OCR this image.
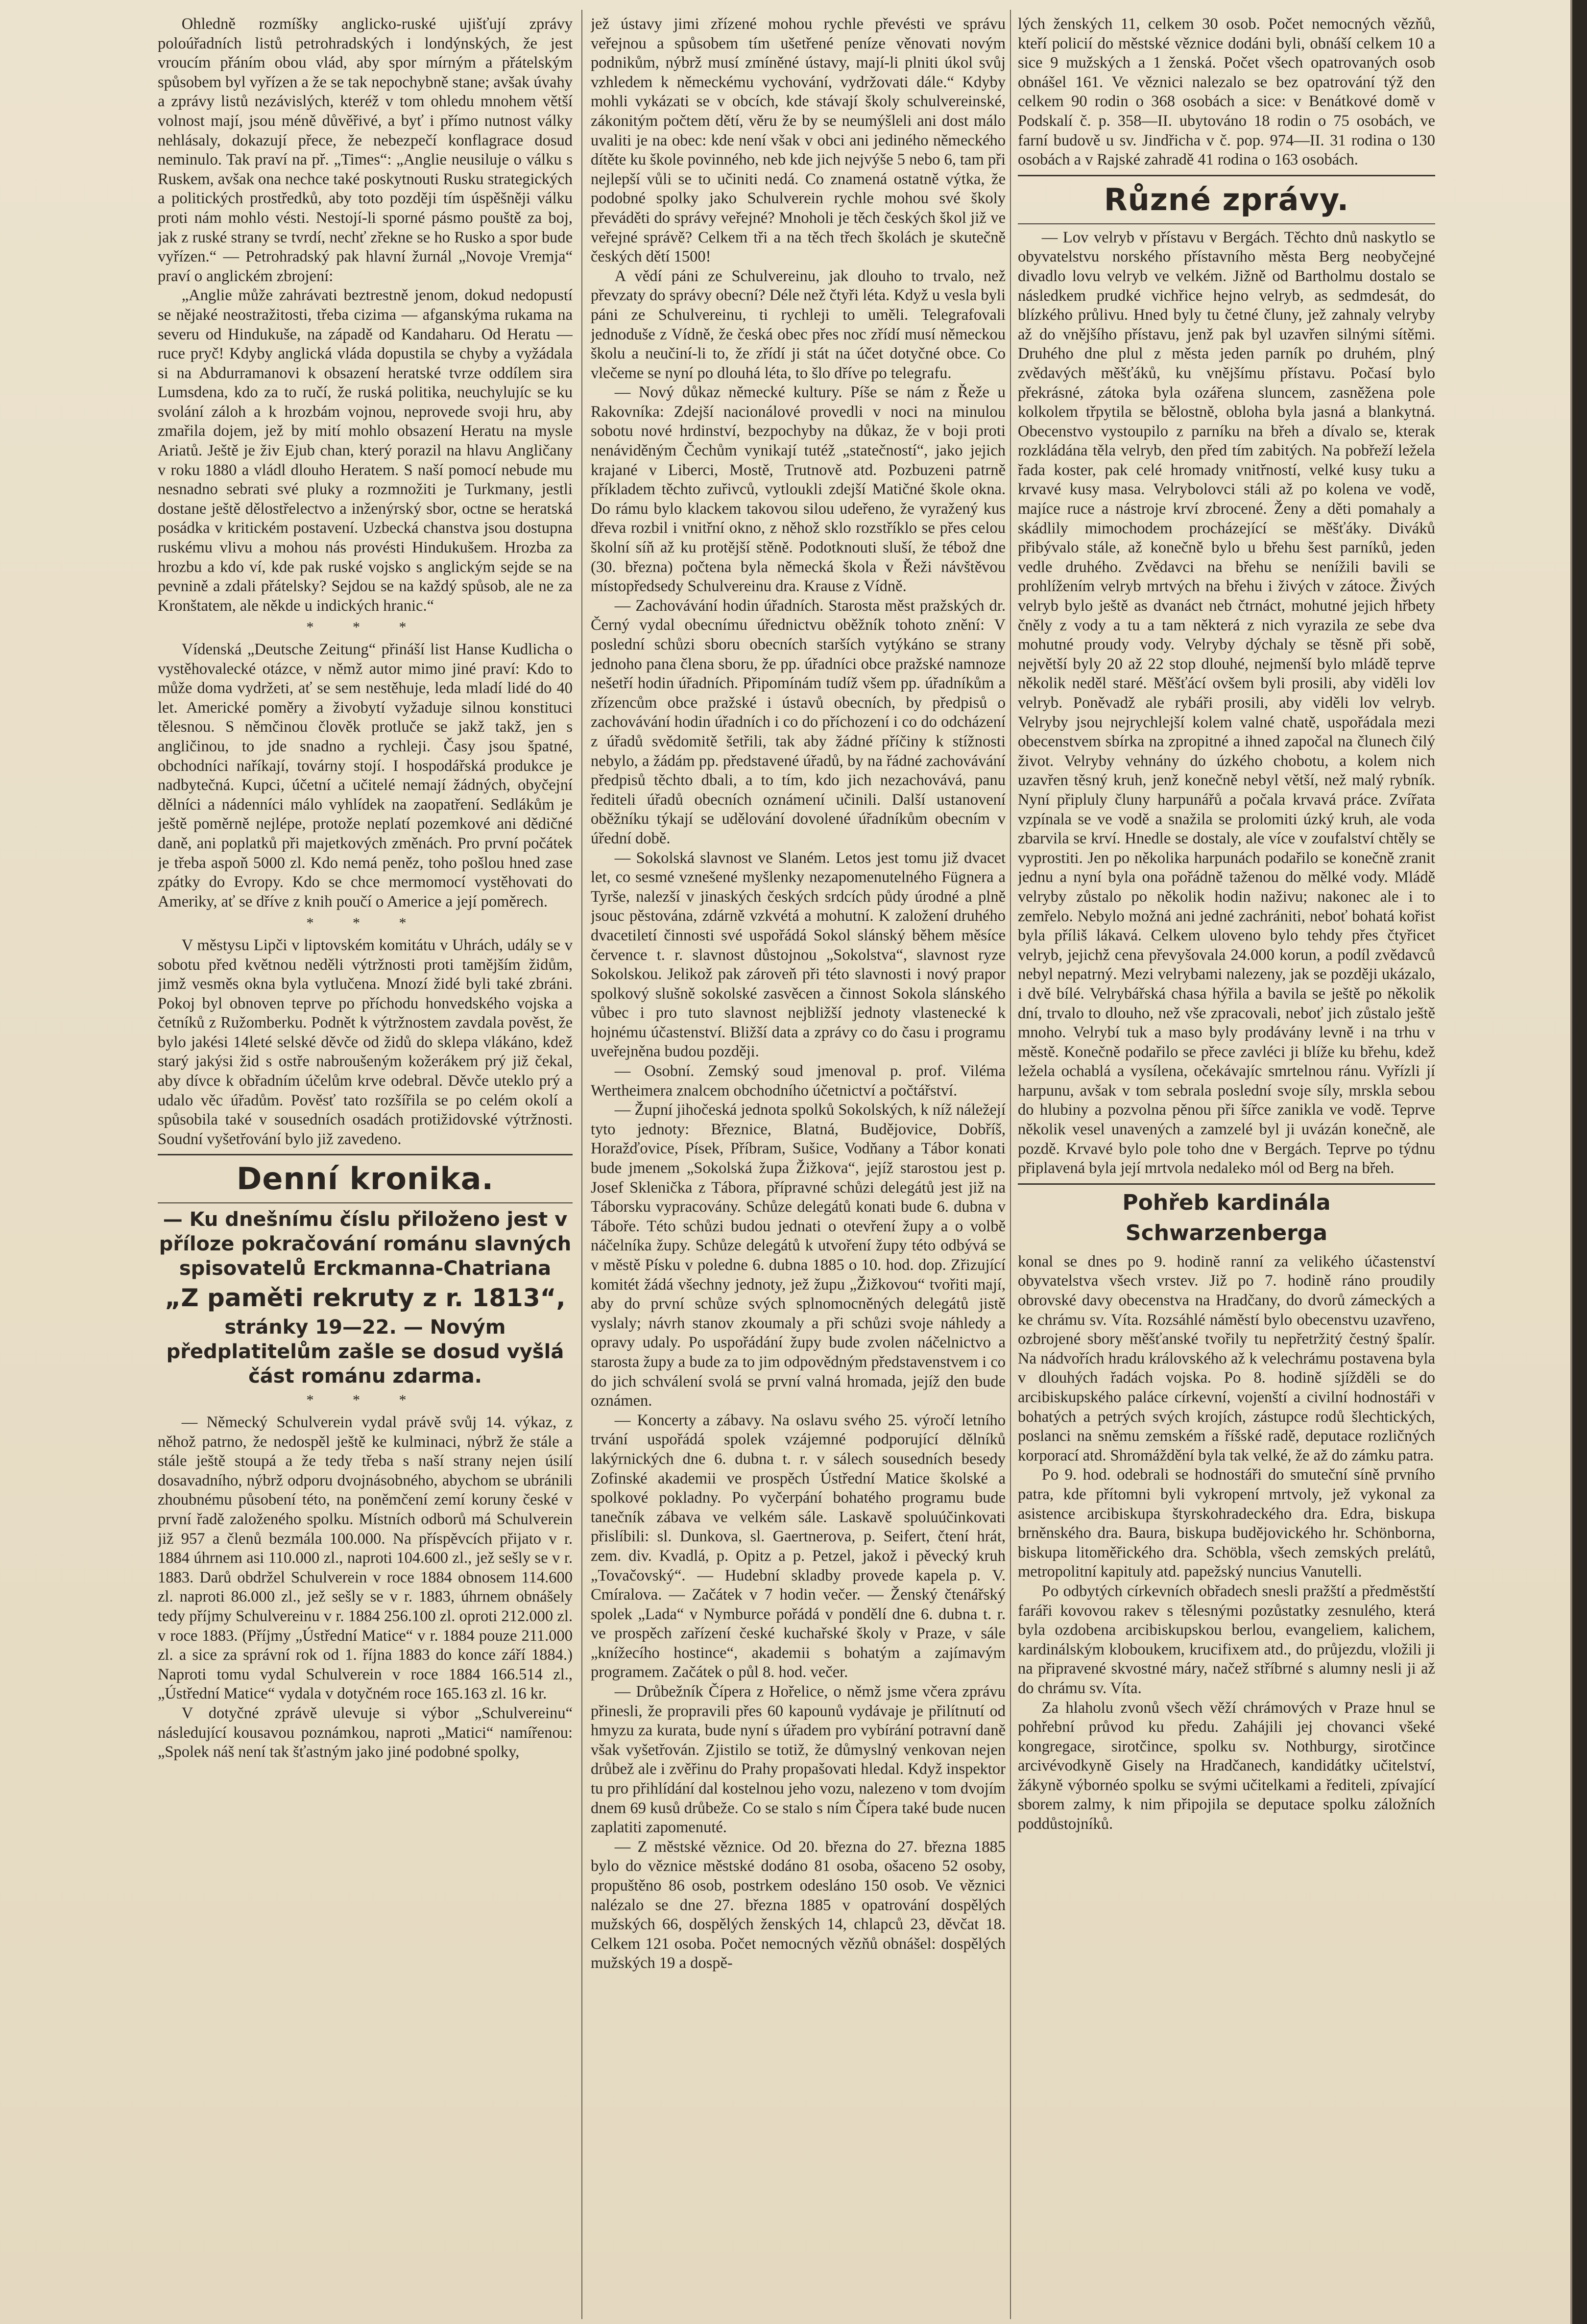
Ohledně rozmíšky anglicko-ruské ujišťují zprávy poloúřadních listů petrohradských i londýnských, že jest vroucím přáním obou vlád, aby spor mírným a přátelským spůsobem byl vyřízen a že se tak nepochybně stane; avšak úvahy a zprávy listů nezávislých, kteréž v tom ohledu mnohem větší volnost mají, jsou méně důvěřivé, a byť i přímo nutnost války nehlásaly, dokazují přece, že nebezpečí konflagrace dosud neminulo. Tak praví na př. „Times“: „Anglie neusiluje o válku s Ruskem, avšak ona nechce také poskytnouti Rusku strategických a politických prostředků, aby toto později tím úspěšněji válku proti nám mohlo vésti. Nestojí-li sporné pásmo pouště za boj, jak z ruské strany se tvrdí, nechť zřekne se ho Rusko a spor bude vyřízen.“ — Petrohradský pak hlavní žurnál „Novoje Vremja“ praví o anglickém zbrojení:

„Anglie může zahrávati beztrestně jenom, dokud nedopustí se nějaké neostražitosti, třeba cizima — afganskýma rukama na severu od Hindukuše, na západě od Kandaharu. Od Heratu — ruce pryč! Kdyby anglická vláda dopustila se chyby a vyžádala si na Abdurramanovi k obsazení heratské tvrze oddílem sira Lumsdena, kdo za to ručí, že ruská politika, neuchylujíc se ku svolání záloh a k hrozbám vojnou, neprovede svoji hru, aby zmařila dojem, jež by mití mohlo obsazení Heratu na mysle Ariatů. Ještě je živ Ejub chan, který porazil na hlavu Angličany v roku 1880 a vládl dlouho Heratem. S naší pomocí nebude mu nesnadno sebrati své pluky a rozmnožiti je Turkmany, jestli dostane ještě dělostřelectvo a inženýrský sbor, octne se heratská posádka v kritickém postavení. Uzbecká chanstva jsou dostupna ruskému vlivu a mohou nás provésti Hindukušem. Hrozba za hrozbu a kdo ví, kde pak ruské vojsko s anglickým sejde se na pevnině a zdali přátelsky? Sejdou se na každý spůsob, ale ne za Kronštatem, ale někde u indických hranic.“

* * *

Vídenská „Deutsche Zeitung“ přináší list Hanse Kudlicha o vystěhovalecké otázce, v němž autor mimo jiné praví: Kdo to může doma vydržeti, ať se sem nestěhuje, leda mladí lidé do 40 let. Americké poměry a živobytí vyžaduje silnou konstituci tělesnou. S němčinou člověk protluče se jakž takž, jen s angličinou, to jde snadno a rychleji. Časy jsou špatné, obchodníci naříkají, továrny stojí. I hospodářská produkce je nadbytečná. Kupci, účetní a učitelé nemají žádných, obyčejní dělníci a nádenníci málo vyhlídek na zaopatření. Sedlákům je ještě poměrně nejlépe, protože neplatí pozemkové ani dědičné daně, ani poplatků při majetkových změnách. Pro první počátek je třeba aspoň 5000 zl. Kdo nemá peněz, toho pošlou hned zase zpátky do Evropy. Kdo se chce mermomocí vystěhovati do Ameriky, ať se dříve z knih poučí o Americe a její poměrech.

* * *

V městysu Lipči v liptovském komitátu v Uhrách, udály se v sobotu před květnou neděli výtržnosti proti tamějším židům, jimž vesměs okna byla vytlučena. Mnozí židé byli také zbráni. Pokoj byl obnoven teprve po příchodu honvedského vojska a četníků z Ružomberku. Podnět k výtržnostem zavdala pověst, že bylo jakési 14leté selské děvče od židů do sklepa vlákáno, kdež starý jakýsi žid s ostře nabroušeným kožerákem prý již čekal, aby dívce k obřadním účelům krve odebral. Děvče uteklo prý a udalo věc úřadům. Pověsť tato rozšířila se po celém okolí a spůsobila také v sousedních osadách protižidovské výtržnosti. Soudní vyšetřování bylo již zavedeno.

Denní kronika.
— Ku dnešnímu číslu přiloženo jest v příloze pokračování románu slavných spisovatelů Erckmanna-Chatriana
„Z paměti rekruty z r. 1813“,
stránky 19—22. — Novým předplatitelům zašle se dosud vyšlá část románu zdarma.
* * *

— Německý Schulverein vydal právě svůj 14. výkaz, z něhož patrno, že nedospěl ještě ke kulminaci, nýbrž že stále a stále ještě stoupá a že tedy třeba s naší strany nejen úsilí dosavadního, nýbrž odporu dvojnásobného, abychom se ubránili zhoubnému působení této, na poněmčení zemí koruny české v první řadě založeného spolku. Místních odborů má Schulverein již 957 a členů bezmála 100.000. Na příspěvcích přijato v r. 1884 úhrnem asi 110.000 zl., naproti 104.600 zl., jež sešly se v r. 1883. Darů obdržel Schulverein v roce 1884 obnosem 114.600 zl. naproti 86.000 zl., jež sešly se v r. 1883, úhrnem obnášely tedy příjmy Schulvereinu v r. 1884 256.100 zl. oproti 212.000 zl. v roce 1883. (Příjmy „Ústřední Matice“ v r. 1884 pouze 211.000 zl. a sice za správní rok od 1. října 1883 do konce září 1884.) Naproti tomu vydal Schulverein v roce 1884 166.514 zl., „Ústřední Matice“ vydala v dotyčném roce 165.163 zl. 16 kr.

V dotyčné zprávě ulevuje si výbor „Schulvereinu“ následující kousavou poznámkou, naproti „Matici“ namířenou: „Spolek náš není tak šťastným jako jiné podobné spolky,

jež ústavy jimi zřízené mohou rychle převésti ve správu veřejnou a spůsobem tím ušetřené peníze věnovati novým podnikům, nýbrž musí zmíněné ústavy, mají-li plniti úkol svůj vzhledem k německému vychování, vydržovati dále.“ Kdyby mohli vykázati se v obcích, kde stávají školy schulvereinské, zákonitým počtem dětí, věru že by se neumýšleli ani dost málo uvaliti je na obec: kde není však v obci ani jediného německého dítěte ku škole povinného, neb kde jich nejvýše 5 nebo 6, tam při nejlepší vůli se to učiniti nedá. Co znamená ostatně výtka, že podobné spolky jako Schulverein rychle mohou své školy převáděti do správy veřejné? Mnoholi je těch českých škol již ve veřejné správě? Celkem tři a na těch třech školách je skutečně českých dětí 1500!

A vědí páni ze Schulvereinu, jak dlouho to trvalo, než převzaty do správy obecní? Déle než čtyři léta. Když u vesla byli páni ze Schulvereinu, ti rychleji to uměli. Telegrafovali jednoduše z Vídně, že česká obec přes noc zřídí musí německou školu a neučiní-li to, že zřídí ji stát na účet dotyčné obce. Co vlečeme se nyní po dlouhá léta, to šlo dříve po telegrafu.

— Nový důkaz německé kultury. Píše se nám z Řeže u Rakovníka: Zdejší nacionálové provedli v noci na minulou sobotu nové hrdinství, bezpochyby na důkaz, že v boji proti nenáviděným Čechům vynikají tutéž „statečností“, jako jejich krajané v Liberci, Mostě, Trutnově atd. Pozbuzeni patrně příkladem těchto zuřivců, vytloukli zdejší Matičné škole okna. Do rámu bylo klackem takovou silou udeřeno, že vyražený kus dřeva rozbil i vnitřní okno, z něhož sklo rozstříklo se přes celou školní síň až ku protější stěně. Podotknouti sluší, že tébož dne (30. března) počtena byla německá škola v Řeži návštěvou místopředsedy Schulvereinu dra. Krause z Vídně.

— Zachovávání hodin úřadních. Starosta měst pražských dr. Černý vydal obecnímu úřednictvu oběžník tohoto znění: V poslední schůzi sboru obecních starších vytýkáno se strany jednoho pana člena sboru, že pp. úřadníci obce pražské namnoze nešetří hodin úřadních. Připomínám tudíž všem pp. úřadníkům a zřízencům obce pražské i ústavů obecních, by předpisů o zachovávání hodin úřadních i co do příchození i co do odcházení z úřadů svědomitě šetřili, tak aby žádné příčiny k stížnosti nebylo, a žádám pp. představené úřadů, by na řádné zachovávání předpisů těchto dbali, a to tím, kdo jich nezachovává, panu řediteli úřadů obecních oznámení učinili. Další ustanovení oběžníku týkají se udělování dovolené úřadníkům obecním v úřední době.

— Sokolská slavnost ve Slaném. Letos jest tomu již dvacet let, co sesmé vznešené myšlenky nezapomenutelného Fügnera a Tyrše, nalezší v jinaských českých srdcích půdy úrodné a plně jsouc pěstována, zdárně vzkvétá a mohutní. K založení druhého dvacetiletí činnosti své uspořádá Sokol slánský během měsíce července t. r. slavnost důstojnou „Sokolstva“, slavnost ryze Sokolskou. Jelikož pak zároveň při této slavnosti i nový prapor spolkový slušně sokolské zasvěcen a činnost Sokola slánského vůbec i pro tuto slavnost nejbližší jednoty vlastenecké k hojnému účastenství. Bližší data a zprávy co do času i programu uveřejněna budou později.

— Osobní. Zemský soud jmenoval p. prof. Viléma Wertheimera znalcem obchodního účetnictví a počtářství.

— Župní jihočeská jednota spolků Sokolských, k níž náležejí tyto jednoty: Březnice, Blatná, Budějovice, Dobříš, Horažďovice, Písek, Příbram, Sušice, Vodňany a Tábor konati bude jmenem „Sokolská župa Žižkova“, jejíž starostou jest p. Josef Sklenička z Tábora, přípravné schůzi delegátů jest již na Táborsku vypracovány. Schůze delegátů konati bude 6. dubna v Táboře. Této schůzi budou jednati o otevření župy a o volbě náčelníka župy. Schůze delegátů k utvoření župy této odbývá se v městě Písku v poledne 6. dubna 1885 o 10. hod. dop. Zřizující komitét žádá všechny jednoty, jež župu „Žižkovou“ tvořiti mají, aby do první schůze svých splnomocněných delegátů jistě vyslaly; návrh stanov zkoumaly a při schůzi svoje náhledy a opravy udaly. Po uspořádání župy bude zvolen náčelnictvo a starosta župy a bude za to jim odpovědným představenstvem i co do jich schválení svolá se první valná hromada, jejíž den bude oznámen.

— Koncerty a zábavy. Na oslavu svého 25. výročí letního trvání uspořádá spolek vzájemné podporující dělníků lakýrnických dne 6. dubna t. r. v sálech sousedních besedy Zofinské akademii ve prospěch Ústřední Matice školské a spolkové pokladny. Po vyčerpání bohatého programu bude tanečník zábava ve velkém sále. Laskavě spoluúčinkovati přislíbili: sl. Dunkova, sl. Gaertnerova, p. Seifert, čtení hrát, zem. div. Kvadlá, p. Opitz a p. Petzel, jakož i pěvecký kruh „Tovačovský“. — Hudební skladby provede kapela p. V. Cmíralova. — Začátek v 7 hodin večer. — Ženský čtenářský spolek „Lada“ v Nymburce pořádá v pondělí dne 6. dubna t. r. ve prospěch zařízení české kuchařské školy v Praze, v sále „knížecího hostince“, akademii s bohatým a zajímavým programem. Začátek o půl 8. hod. večer.

— Drůbežník Čípera z Hořelice, o němž jsme včera zprávu přinesli, že propravili přes 60 kapounů vydávaje je přilítnutí od hmyzu za kurata, bude nyní s úřadem pro vybírání potravní daně však vyšetřován. Zjistilo se totiž, že důmyslný venkovan nejen drůbež ale i zvěřinu do Prahy propašovati hledal. Když inspektor tu pro přihlídání dal kostelnou jeho vozu, nalezeno v tom dvojím dnem 69 kusů drůbeže. Co se stalo s ním Čípera také bude nucen zaplatiti zapomenuté.

— Z městské věznice. Od 20. března do 27. března 1885 bylo do věznice městské dodáno 81 osoba, ošaceno 52 osoby, propuštěno 86 osob, postrkem odesláno 150 osob. Ve věznici nalézalo se dne 27. března 1885 v opatrování dospělých mužských 66, dospělých ženských 14, chlapců 23, děvčat 18. Celkem 121 osoba. Počet nemocných vězňů obnášel: dospělých mužských 19 a dospě-

lých ženských 11, celkem 30 osob. Počet nemocných vězňů, kteří policií do městské věznice dodáni byli, obnáší celkem 10 a sice 9 mužských a 1 ženská. Počet všech opatrovaných osob obnášel 161. Ve věznici nalezalo se bez opatrování týž den celkem 90 rodin o 368 osobách a sice: v Benátkové domě v Podskalí č. p. 358—II. ubytováno 18 rodin o 75 osobách, ve farní budově u sv. Jindřicha v č. pop. 974—II. 31 rodina o 130 osobách a v Rajské zahradě 41 rodina o 163 osobách.

Různé zprávy.

— Lov velryb v přístavu v Bergách. Těchto dnů naskytlo se obyvatelstvu norského přístavního města Berg neobyčejné divadlo lovu velryb ve velkém. Jižně od Bartholmu dostalo se následkem prudké vichřice hejno velryb, as sedmdesát, do blízkého průlivu. Hned byly tu četné čluny, jež zahnaly velryby až do vnějšího přístavu, jenž pak byl uzavřen silnými sítěmi. Druhého dne plul z města jeden parník po druhém, plný zvědavých měšťáků, ku vnějšímu přístavu. Počasí bylo překrásné, zátoka byla ozářena sluncem, zasněžena pole kolkolem třpytila se bělostně, obloha byla jasná a blankytná. Obecenstvo vystoupilo z parníku na břeh a dívalo se, kterak rozkládána těla velryb, den před tím zabitých. Na pobřeží ležela řada koster, pak celé hromady vnitřností, velké kusy tuku a krvavé kusy masa. Velrybolovci stáli až po kolena ve vodě, majíce ruce a nástroje krví zbrocené. Ženy a děti pomahaly a skádlily mimochodem procházející se měšťáky. Diváků přibývalo stále, až konečně bylo u břehu šest parníků, jeden vedle druhého. Zvědavci na břehu se nenížili bavili se prohlížením velryb mrtvých na břehu i živých v zátoce. Živých velryb bylo ještě as dvanáct neb čtrnáct, mohutné jejich hřbety čněly z vody a tu a tam některá z nich vyrazila ze sebe dva mohutné proudy vody. Velryby dýchaly se těsně při sobě, největší byly 20 až 22 stop dlouhé, nejmenší bylo mládě teprve několik neděl staré. Měšťácí ovšem byli prosili, aby viděli lov velryb. Poněvadž ale rybáři prosili, aby viděli lov velryb. Velryby jsou nejrychlejší kolem valné chatě, uspořádala mezi obecenstvem sbírka na zpropitné a ihned započal na člunech čilý život. Velryby vehnány do úzkého chobotu, a kolem nich uzavřen těsný kruh, jenž konečně nebyl větší, než malý rybník. Nyní připluly čluny harpunářů a počala krvavá práce. Zvířata vzpínala se ve vodě a snažila se prolomiti úzký kruh, ale voda zbarvila se krví. Hnedle se dostaly, ale více v zoufalství chtěly se vyprostiti. Jen po několika harpunách podařilo se konečně zranit jednu a nyní byla ona pořádně taženou do mělké vody. Mládě velryby zůstalo po několik hodin naživu; nakonec ale i to zemřelo. Nebylo možná ani jedné zachrániti, neboť bohatá kořist byla příliš lákavá. Celkem uloveno bylo tehdy přes čtyřicet velryb, jejichž cena převyšovala 24.000 korun, a podíl zvědavců nebyl nepatrný. Mezi velrybami nalezeny, jak se později ukázalo, i dvě bílé. Velrybářská chasa hýřila a bavila se ještě po několik dní, trvalo to dlouho, než vše zpracovali, neboť jich zůstalo ještě mnoho. Velrybí tuk a maso byly prodávány levně i na trhu v městě. Konečně podařilo se přece zavléci ji blíže ku břehu, kdež ležela ochablá a vysílena, očekávajíc smrtelnou ránu. Vyřízli jí harpunu, avšak v tom sebrala poslední svoje síly, mrskla sebou do hlubiny a pozvolna pěnou při šířce zanikla ve vodě. Teprve několik vesel unavených a zamzelé byl ji uvázán konečně, ale pozdě. Krvavé bylo pole toho dne v Bergách. Teprve po týdnu připlavená byla její mrtvola nedaleko mól od Berg na břeh.

Pohřeb kardinála Schwarzenberga

konal se dnes po 9. hodině ranní za velikého účastenství obyvatelstva všech vrstev. Již po 7. hodině ráno proudily obrovské davy obecenstva na Hradčany, do dvorů zámeckých a ke chrámu sv. Víta. Rozsáhlé náměstí bylo obecenstvu uzavřeno, ozbrojené sbory měšťanské tvořily tu nepřetržitý čestný špalír. Na nádvořích hradu královského až k velechrámu postavena byla v dlouhých řadách vojska. Po 8. hodině sjížděli se do arcibiskupského paláce církevní, vojenští a civilní hodnostáři v bohatých a petrých svých krojích, zástupce rodů šlechtických, poslanci na sněmu zemském a říšské radě, deputace rozličných korporací atd. Shromáždění byla tak velké, že až do zámku patra.

Po 9. hod. odebrali se hodnostáři do smuteční síně prvního patra, kde přítomni byli vykropení mrtvoly, jež vykonal za asistence arcibiskupa štyrskohradeckého dra. Edra, biskupa brněnského dra. Baura, biskupa budějovického hr. Schönborna, biskupa litoměřického dra. Schöbla, všech zemských prelátů, metropolitní kapituly atd. papežský nuncius Vanutelli.

Po odbytých církevních obřadech snesli pražští a předměstští faráři kovovou rakev s tělesnými pozůstatky zesnulého, která byla ozdobena arcibiskupskou berlou, evangeliem, kalichem, kardinálským kloboukem, krucifixem atd., do průjezdu, vložili ji na připravené skvostné máry, načež stříbrné s alumny nesli ji až do chrámu sv. Víta.

Za hlaholu zvonů všech věží chrámových v Praze hnul se pohřební průvod ku předu. Zahájili jej chovanci všeké kongregace, sirotčince, spolku sv. Nothburgy, sirotčince arcivévodkyně Gisely na Hradčanech, kandidátky učitelství, žákyně výbornéo spolku se svými učitelkami a řediteli, zpívající sborem zalmy, k nim připojila se deputace spolku záložních poddůstojníků.
